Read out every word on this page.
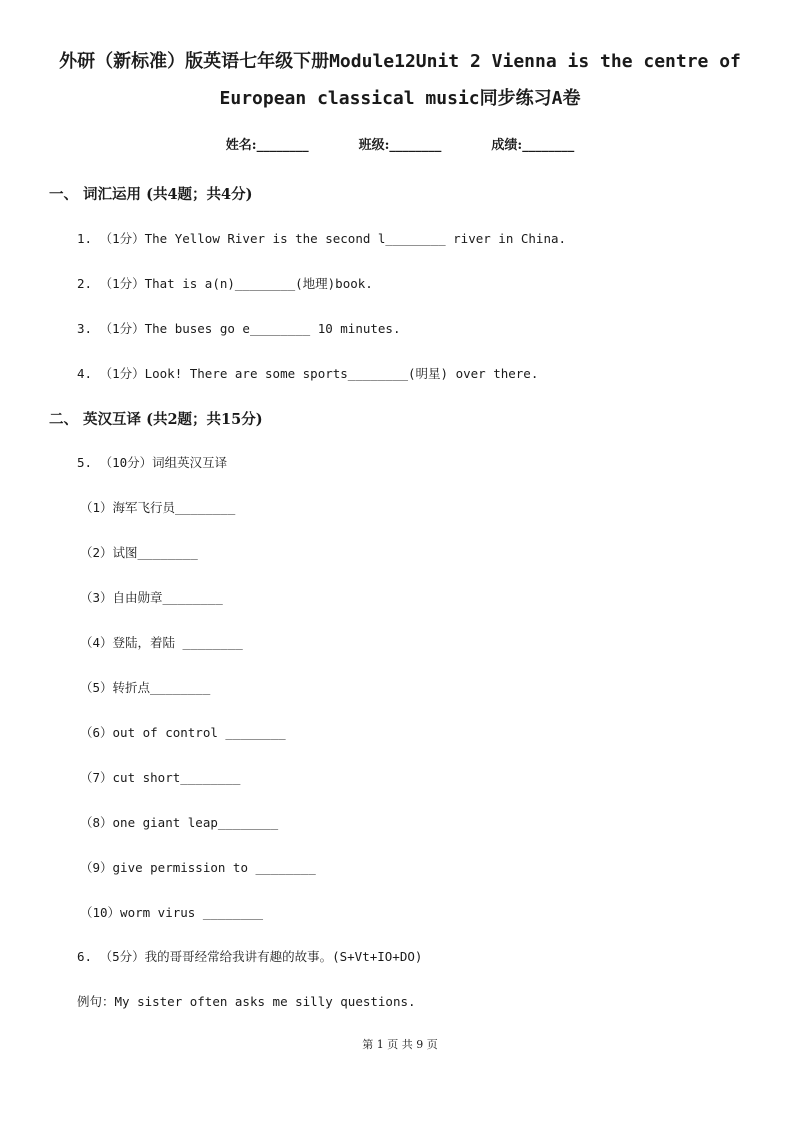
外研（新标准）版英语七年级下册Module12Unit 2 Vienna is the centre of
European classical music同步练习A卷
姓名:________	班级:________	成绩:________
一、 词汇运用 (共4题；共4分)
1. （1分）The Yellow River is the second l________ river in China.
2. （1分）That is a(n)________(地理)book.
3. （1分）The buses go e________ 10 minutes.
4. （1分）Look! There are some sports________(明星) over there.
二、 英汉互译 (共2题；共15分)
5. （10分）词组英汉互译
（1）海军飞行员________
（2）试图________
（3）自由勋章________
（4）登陆，着陆 ________
（5）转折点________
（6）out of control ________
（7）cut short________
（8）one giant leap________
（9）give permission to ________
（10）worm virus ________
6. （5分）我的哥哥经常给我讲有趣的故事。(S+Vt+IO+DO)
例句：My sister often asks me silly questions.
第 1 页 共 9 页
